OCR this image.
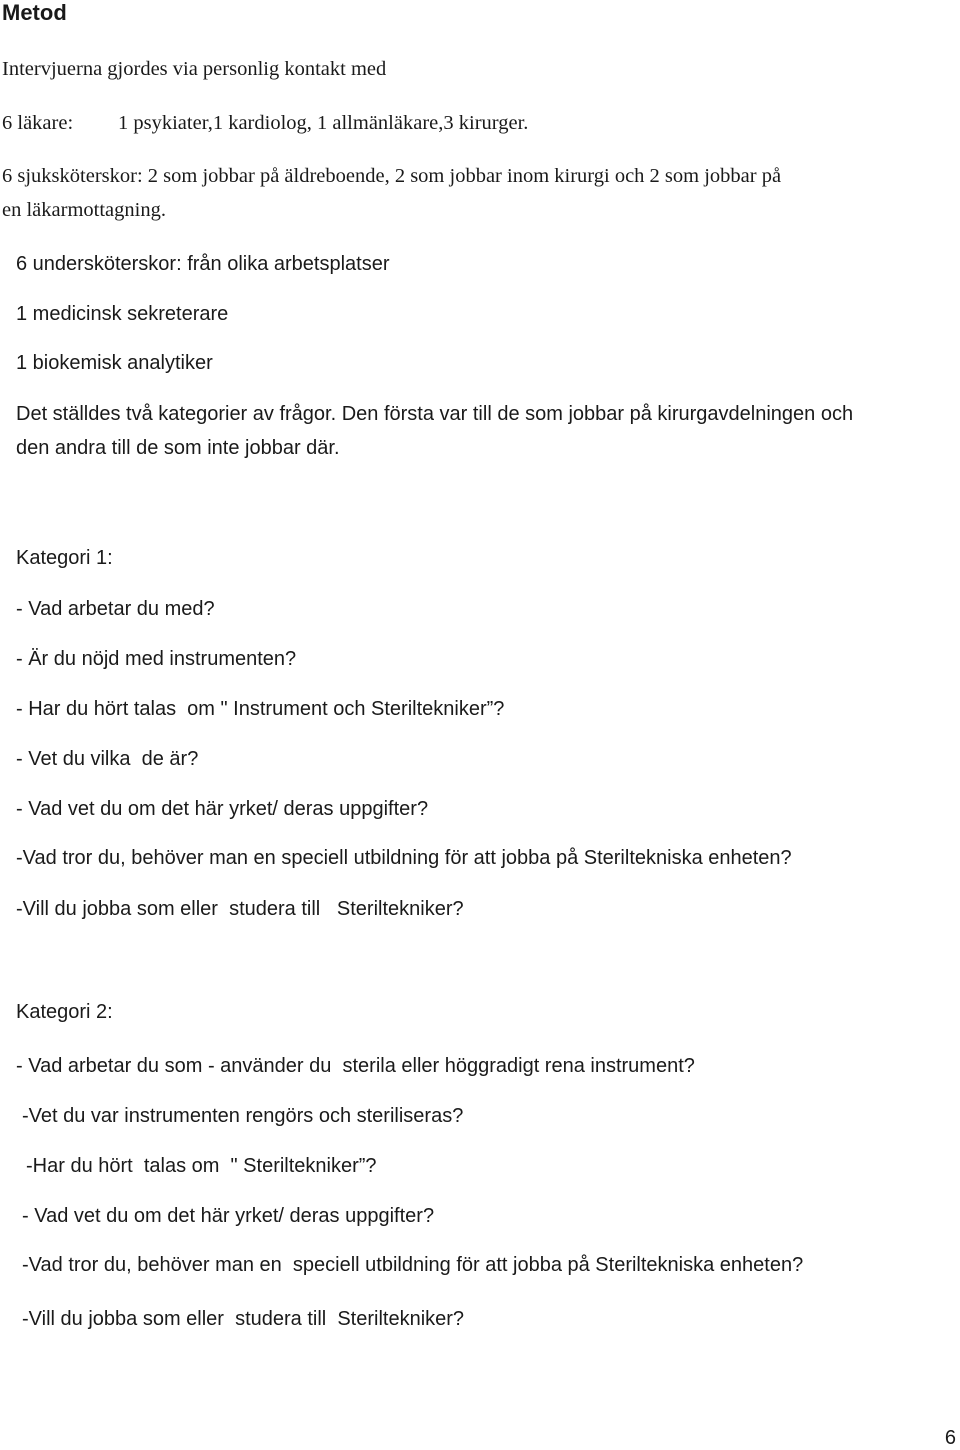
Metod
Intervjuerna gjordes via personlig kontakt med
6 läkare: 1 psykiater,1 kardiolog, 1 allmänläkare,3 kirurger.
6 sjuksköterskor: 2 som jobbar på äldreboende, 2 som jobbar inom kirurgi och 2 som jobbar på
en läkarmottagning.
6 undersköterskor: från olika arbetsplatser
1 medicinsk sekreterare
1 biokemisk analytiker
Det ställdes två kategorier av frågor. Den första var till de som jobbar på kirurgavdelningen och
den andra till de som inte jobbar där.
Kategori 1:
- Vad arbetar du med?
- Är du nöjd med instrumenten?
- Har du hört talas  om " Instrument och Steriltekniker”?
- Vet du vilka  de är?
- Vad vet du om det här yrket/ deras uppgifter?
-Vad tror du, behöver man en speciell utbildning för att jobba på Steriltekniska enheten?
-Vill du jobba som eller  studera till   Steriltekniker?
Kategori 2:
- Vad arbetar du som - använder du  sterila eller höggradigt rena instrument?
-Vet du var instrumenten rengörs och steriliseras?
-Har du hört  talas om  " Steriltekniker”?
- Vad vet du om det här yrket/ deras uppgifter?
-Vad tror du, behöver man en  speciell utbildning för att jobba på Steriltekniska enheten?
-Vill du jobba som eller  studera till  Steriltekniker?
6
